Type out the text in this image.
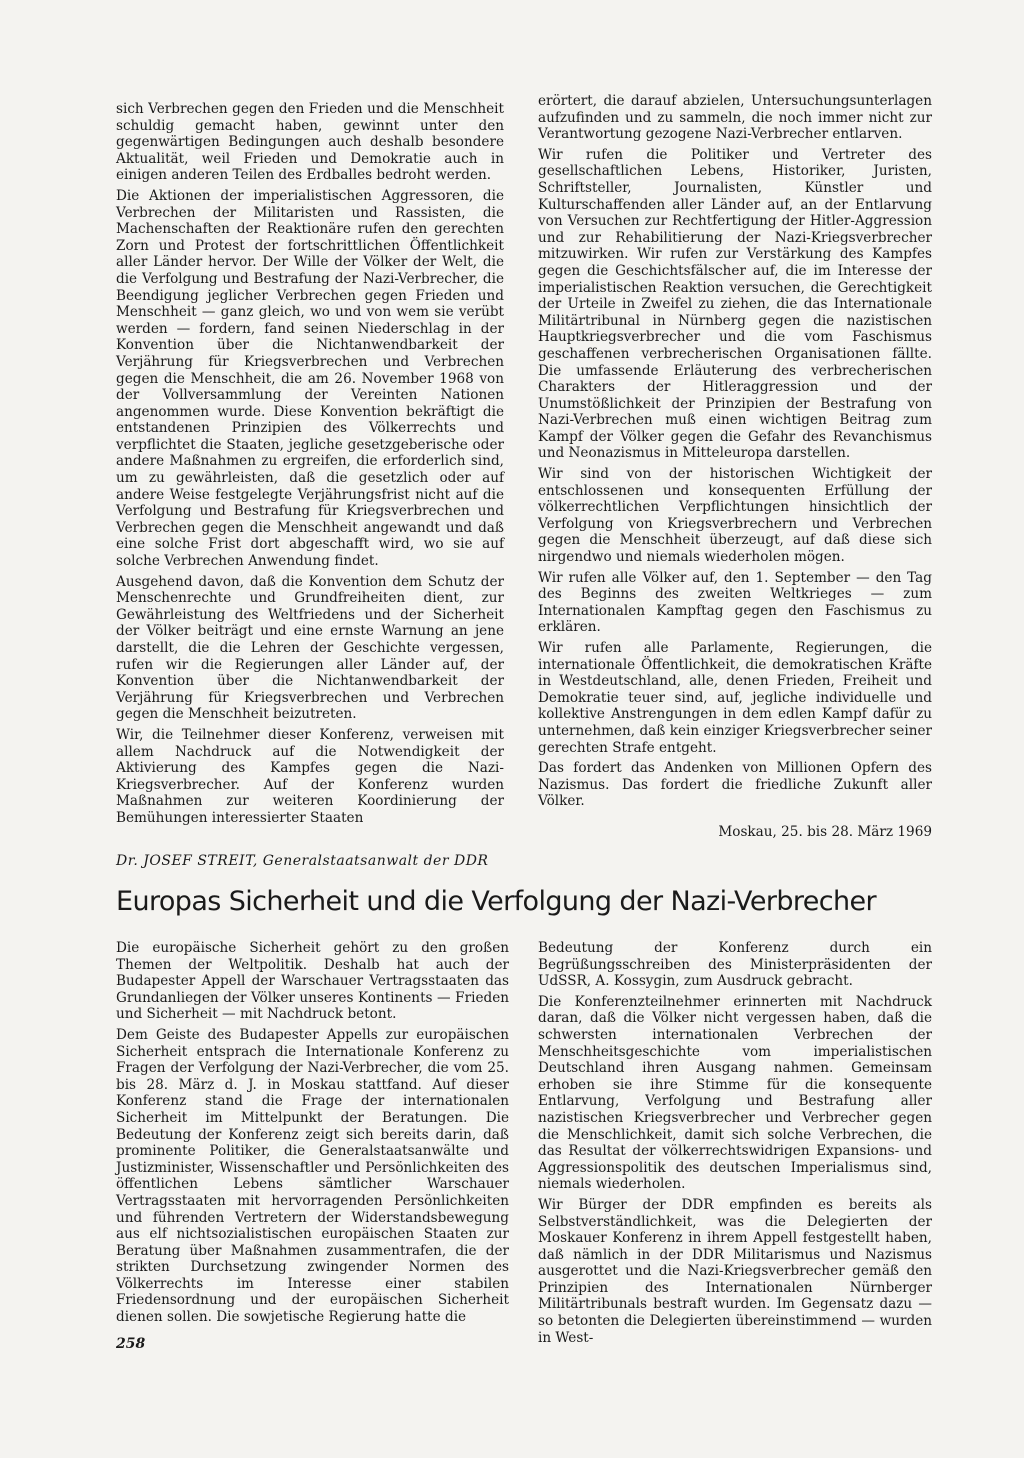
sich Verbrechen gegen den Frieden und die Menschheit schuldig gemacht haben, gewinnt unter den gegenwärtigen Bedingungen auch deshalb besondere Aktualität, weil Frieden und Demokratie auch in einigen anderen Teilen des Erdballes bedroht werden.

Die Aktionen der imperialistischen Aggressoren, die Verbrechen der Militaristen und Rassisten, die Machenschaften der Reaktionäre rufen den gerechten Zorn und Protest der fortschrittlichen Öffentlichkeit aller Länder hervor. Der Wille der Völker der Welt, die die Verfolgung und Bestrafung der Nazi-Verbrecher, die Beendigung jeglicher Verbrechen gegen Frieden und Menschheit — ganz gleich, wo und von wem sie verübt werden — fordern, fand seinen Niederschlag in der Konvention über die Nichtanwendbarkeit der Verjährung für Kriegsverbrechen und Verbrechen gegen die Menschheit, die am 26. November 1968 von der Vollversammlung der Vereinten Nationen angenommen wurde. Diese Konvention bekräftigt die entstandenen Prinzipien des Völkerrechts und verpflichtet die Staaten, jegliche gesetzgeberische oder andere Maßnahmen zu ergreifen, die erforderlich sind, um zu gewährleisten, daß die gesetzlich oder auf andere Weise festgelegte Verjährungsfrist nicht auf die Verfolgung und Bestrafung für Kriegsverbrechen und Verbrechen gegen die Menschheit angewandt und daß eine solche Frist dort abgeschafft wird, wo sie auf solche Verbrechen Anwendung findet.

Ausgehend davon, daß die Konvention dem Schutz der Menschenrechte und Grundfreiheiten dient, zur Gewährleistung des Weltfriedens und der Sicherheit der Völker beiträgt und eine ernste Warnung an jene darstellt, die die Lehren der Geschichte vergessen, rufen wir die Regierungen aller Länder auf, der Konvention über die Nichtanwendbarkeit der Verjährung für Kriegsverbrechen und Verbrechen gegen die Menschheit beizutreten.

Wir, die Teilnehmer dieser Konferenz, verweisen mit allem Nachdruck auf die Notwendigkeit der Aktivierung des Kampfes gegen die Nazi-Kriegsverbrecher. Auf der Konferenz wurden Maßnahmen zur weiteren Koordinierung der Bemühungen interessierter Staaten

erörtert, die darauf abzielen, Untersuchungsunterlagen aufzufinden und zu sammeln, die noch immer nicht zur Verantwortung gezogene Nazi-Verbrecher entlarven.

Wir rufen die Politiker und Vertreter des gesellschaftlichen Lebens, Historiker, Juristen, Schriftsteller, Journalisten, Künstler und Kulturschaffenden aller Länder auf, an der Entlarvung von Versuchen zur Rechtfertigung der Hitler-Aggression und zur Rehabilitierung der Nazi-Kriegsverbrecher mitzuwirken. Wir rufen zur Verstärkung des Kampfes gegen die Geschichtsfälscher auf, die im Interesse der imperialistischen Reaktion versuchen, die Gerechtigkeit der Urteile in Zweifel zu ziehen, die das Internationale Militärtribunal in Nürnberg gegen die nazistischen Hauptkriegsverbrecher und die vom Faschismus geschaffenen verbrecherischen Organisationen fällte. Die umfassende Erläuterung des verbrecherischen Charakters der Hitleraggression und der Unumstößlichkeit der Prinzipien der Bestrafung von Nazi-Verbrechen muß einen wichtigen Beitrag zum Kampf der Völker gegen die Gefahr des Revanchismus und Neonazismus in Mitteleuropa darstellen.

Wir sind von der historischen Wichtigkeit der entschlossenen und konsequenten Erfüllung der völkerrechtlichen Verpflichtungen hinsichtlich der Verfolgung von Kriegsverbrechern und Verbrechen gegen die Menschheit überzeugt, auf daß diese sich nirgendwo und niemals wiederholen mögen.

Wir rufen alle Völker auf, den 1. September — den Tag des Beginns des zweiten Weltkrieges — zum Internationalen Kampftag gegen den Faschismus zu erklären.

Wir rufen alle Parlamente, Regierungen, die internationale Öffentlichkeit, die demokratischen Kräfte in Westdeutschland, alle, denen Frieden, Freiheit und Demokratie teuer sind, auf, jegliche individuelle und kollektive Anstrengungen in dem edlen Kampf dafür zu unternehmen, daß kein einziger Kriegsverbrecher seiner gerechten Strafe entgeht.

Das fordert das Andenken von Millionen Opfern des Nazismus. Das fordert die friedliche Zukunft aller Völker.

Moskau, 25. bis 28. März 1969

Dr. JOSEF STREIT, Generalstaatsanwalt der DDR
Europas Sicherheit und die Verfolgung der Nazi-Verbrecher

Die europäische Sicherheit gehört zu den großen Themen der Weltpolitik. Deshalb hat auch der Budapester Appell der Warschauer Vertragsstaaten das Grundanliegen der Völker unseres Kontinents — Frieden und Sicherheit — mit Nachdruck betont.

Dem Geiste des Budapester Appells zur europäischen Sicherheit entsprach die Internationale Konferenz zu Fragen der Verfolgung der Nazi-Verbrecher, die vom 25. bis 28. März d. J. in Moskau stattfand. Auf dieser Konferenz stand die Frage der internationalen Sicherheit im Mittelpunkt der Beratungen. Die Bedeutung der Konferenz zeigt sich bereits darin, daß prominente Politiker, die Generalstaatsanwälte und Justizminister, Wissenschaftler und Persönlichkeiten des öffentlichen Lebens sämtlicher Warschauer Vertragsstaaten mit hervorragenden Persönlichkeiten und führenden Vertretern der Widerstandsbewegung aus elf nichtsozialistischen europäischen Staaten zur Beratung über Maßnahmen zusammentrafen, die der strikten Durchsetzung zwingender Normen des Völkerrechts im Interesse einer stabilen Friedensordnung und der europäischen Sicherheit dienen sollen. Die sowjetische Regierung hatte die

Bedeutung der Konferenz durch ein Begrüßungsschreiben des Ministerpräsidenten der UdSSR, A. Kossygin, zum Ausdruck gebracht.

Die Konferenzteilnehmer erinnerten mit Nachdruck daran, daß die Völker nicht vergessen haben, daß die schwersten internationalen Verbrechen der Menschheitsgeschichte vom imperialistischen Deutschland ihren Ausgang nahmen. Gemeinsam erhoben sie ihre Stimme für die konsequente Entlarvung, Verfolgung und Bestrafung aller nazistischen Kriegsverbrecher und Verbrecher gegen die Menschlichkeit, damit sich solche Verbrechen, die das Resultat der völkerrechtswidrigen Expansions- und Aggressionspolitik des deutschen Imperialismus sind, niemals wiederholen.

Wir Bürger der DDR empfinden es bereits als Selbstverständlichkeit, was die Delegierten der Moskauer Konferenz in ihrem Appell festgestellt haben, daß nämlich in der DDR Militarismus und Nazismus ausgerottet und die Nazi-Kriegsverbrecher gemäß den Prinzipien des Internationalen Nürnberger Militärtribunals bestraft wurden. Im Gegensatz dazu — so betonten die Delegierten übereinstimmend — wurden in West-

258
